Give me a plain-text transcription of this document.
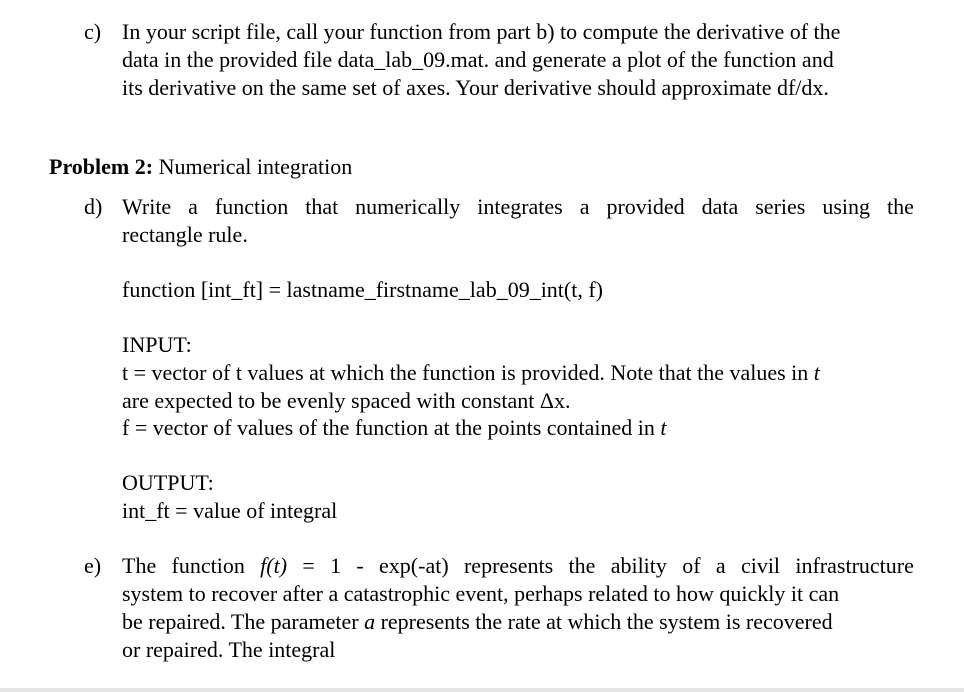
c) In your script file, call your function from part b) to compute the derivative of the
data in the provided file data_lab_09.mat. and generate a plot of the function and
its derivative on the same set of axes. Your derivative should approximate df/dx.
Problem 2: Numerical integration
d) Write a function that numerically integrates a provided data series using the
rectangle rule.
function [int_ft] = lastname_firstname_lab_09_int(t, f)
INPUT:
t = vector of t values at which the function is provided. Note that the values in t
are expected to be evenly spaced with constant Δx.
f = vector of values of the function at the points contained in t
OUTPUT:
int_ft = value of integral
e) The function f(t) = 1 - exp(-at) represents the ability of a civil infrastructure
system to recover after a catastrophic event, perhaps related to how quickly it can
be repaired. The parameter a represents the rate at which the system is recovered
or repaired. The integral
